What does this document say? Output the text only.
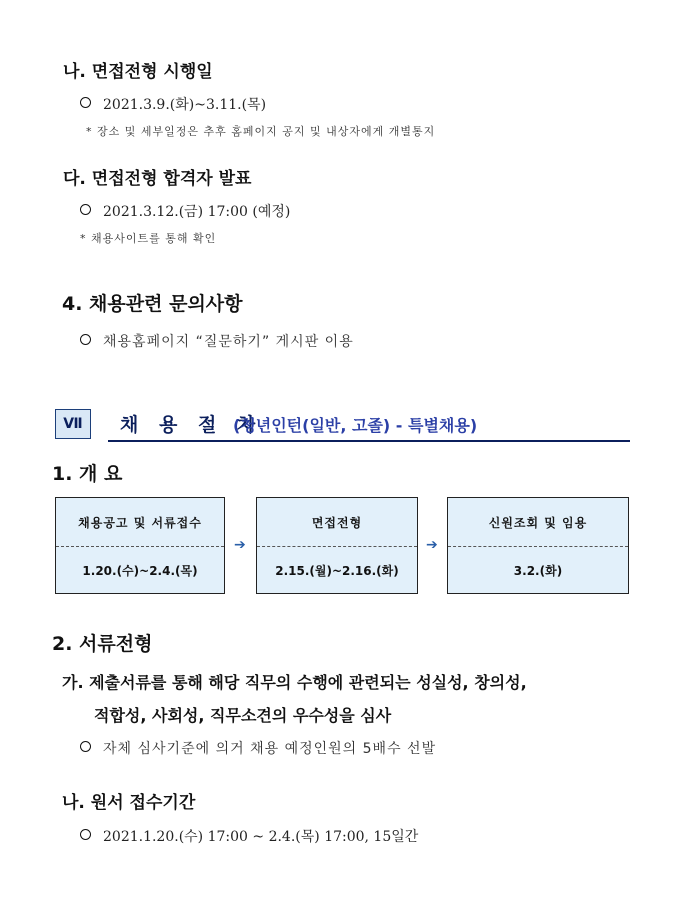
나. 면접전형 시행일
2021.3.9.(화)~3.11.(목)
* 장소 및 세부일정은 추후 홈페이지 공지 및 내상자에게 개별통지
다. 면접전형 합격자 발표
2021.3.12.(금) 17:00 (예정)
* 채용사이트를 통해 확인
4. 채용관련 문의사항
채용홈페이지 “질문하기” 게시판 이용
Ⅶ	채 용 절 차
(청년인턴(일반, 고졸) - 특별채용)
1. 개 요
채용공고 및 서류접수
1.20.(수)~2.4.(목)
➔
면접전형
2.15.(월)~2.16.(화)
➔
신원조회 및 임용
3.2.(화)
2. 서류전형
가. 제출서류를 통해 해당 직무의 수행에 관련되는 성실성, 창의성,
적합성, 사회성, 직무소견의 우수성을 심사
자체 심사기준에 의거 채용 예정인원의 5배수 선발
나. 원서 접수기간
2021.1.20.(수) 17:00 ~ 2.4.(목) 17:00, 15일간
